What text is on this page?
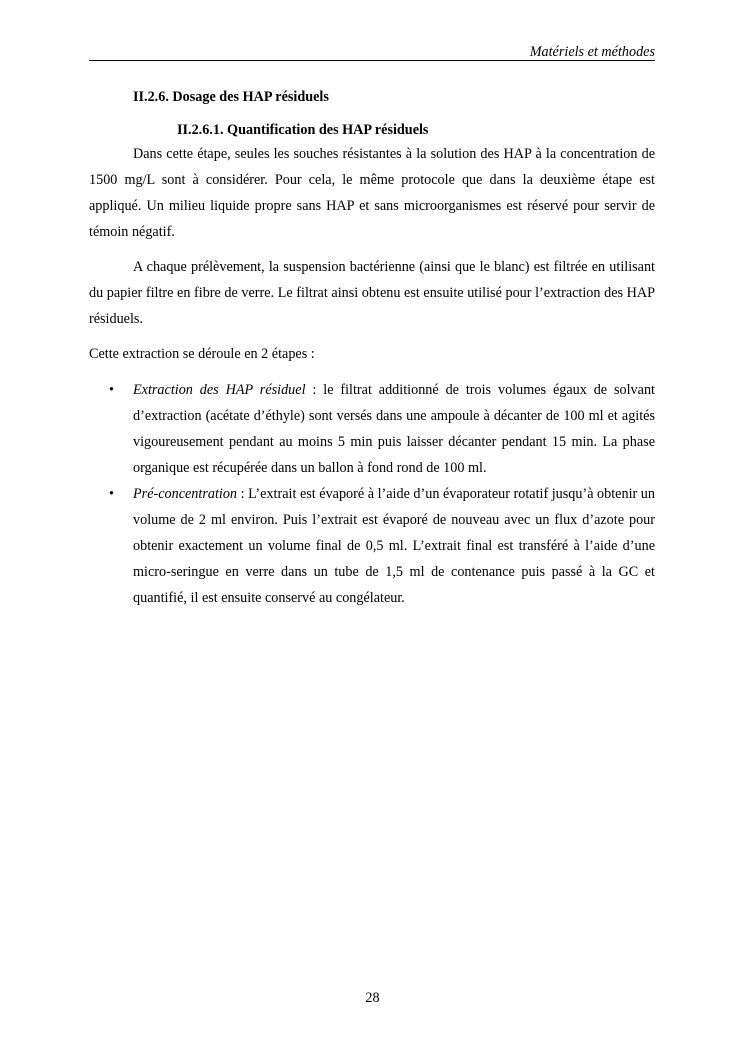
Matériels et méthodes
II.2.6. Dosage des HAP résiduels
II.2.6.1. Quantification des HAP résiduels

Dans cette étape, seules les souches résistantes à la solution des HAP à la concentration de 1500 mg/L sont à considérer. Pour cela, le même protocole que dans la deuxième étape est appliqué. Un milieu liquide propre sans HAP et sans microorganismes est réservé pour servir de témoin négatif.

A chaque prélèvement, la suspension bactérienne (ainsi que le blanc) est filtrée en utilisant du papier filtre en fibre de verre. Le filtrat ainsi obtenu est ensuite utilisé pour l’extraction des HAP résiduels.

Cette extraction se déroule en 2 étapes :

• Extraction des HAP résiduel : le filtrat additionné de trois volumes égaux de solvant d’extraction (acétate d’éthyle) sont versés dans une ampoule à décanter de 100 ml et agités vigoureusement pendant au moins 5 min puis laisser décanter pendant 15 min. La phase organique est récupérée dans un ballon à fond rond de 100 ml.
• Pré-concentration : L’extrait est évaporé à l’aide d’un évaporateur rotatif jusqu’à obtenir un volume de 2 ml environ. Puis l’extrait est évaporé de nouveau avec un flux d’azote pour obtenir exactement un volume final de 0,5 ml. L’extrait final est transféré à l’aide d’une micro-seringue en verre dans un tube de 1,5 ml de contenance puis passé à la GC et quantifié, il est ensuite conservé au congélateur.
28
